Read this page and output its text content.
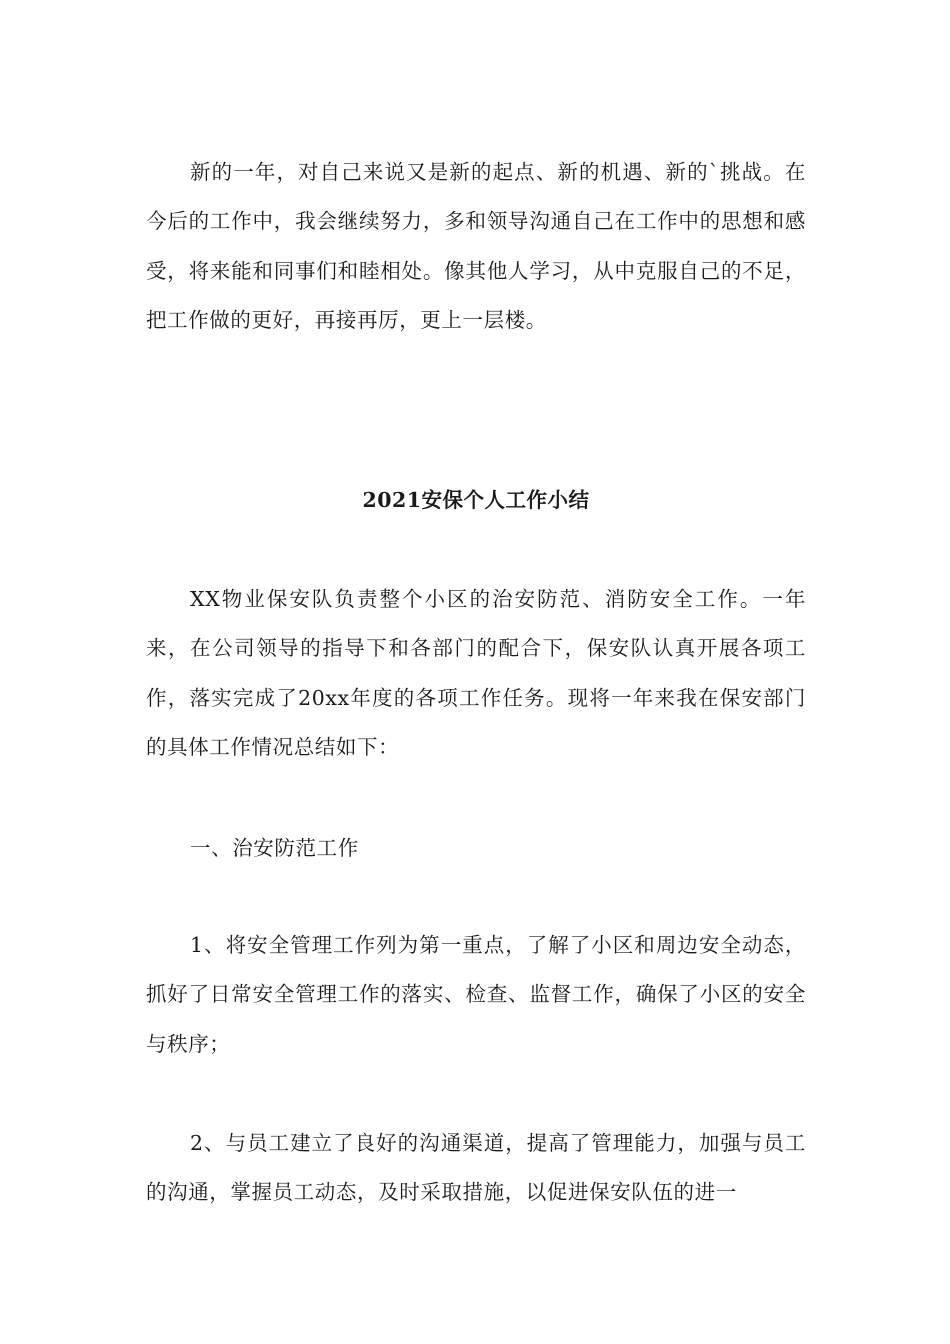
新的一年，对自己来说又是新的起点、新的机遇、新的`挑战。在今后的工作中，我会继续努力，多和领导沟通自己在工作中的思想和感受，将来能和同事们和睦相处。像其他人学习，从中克服自己的不足，把工作做的更好，再接再厉，更上一层楼。

2021安保个人工作小结

XX物业保安队负责整个小区的治安防范、消防安全工作。一年来，在公司领导的指导下和各部门的配合下，保安队认真开展各项工作，落实完成了20xx年度的各项工作任务。现将一年来我在保安部门的具体工作情况总结如下：

一、治安防范工作

1、将安全管理工作列为第一重点，了解了小区和周边安全动态，抓好了日常安全管理工作的落实、检查、监督工作，确保了小区的安全与秩序；

2、与员工建立了良好的沟通渠道，提高了管理能力，加强与员工的沟通，掌握员工动态，及时采取措施，以促进保安队伍的进一
